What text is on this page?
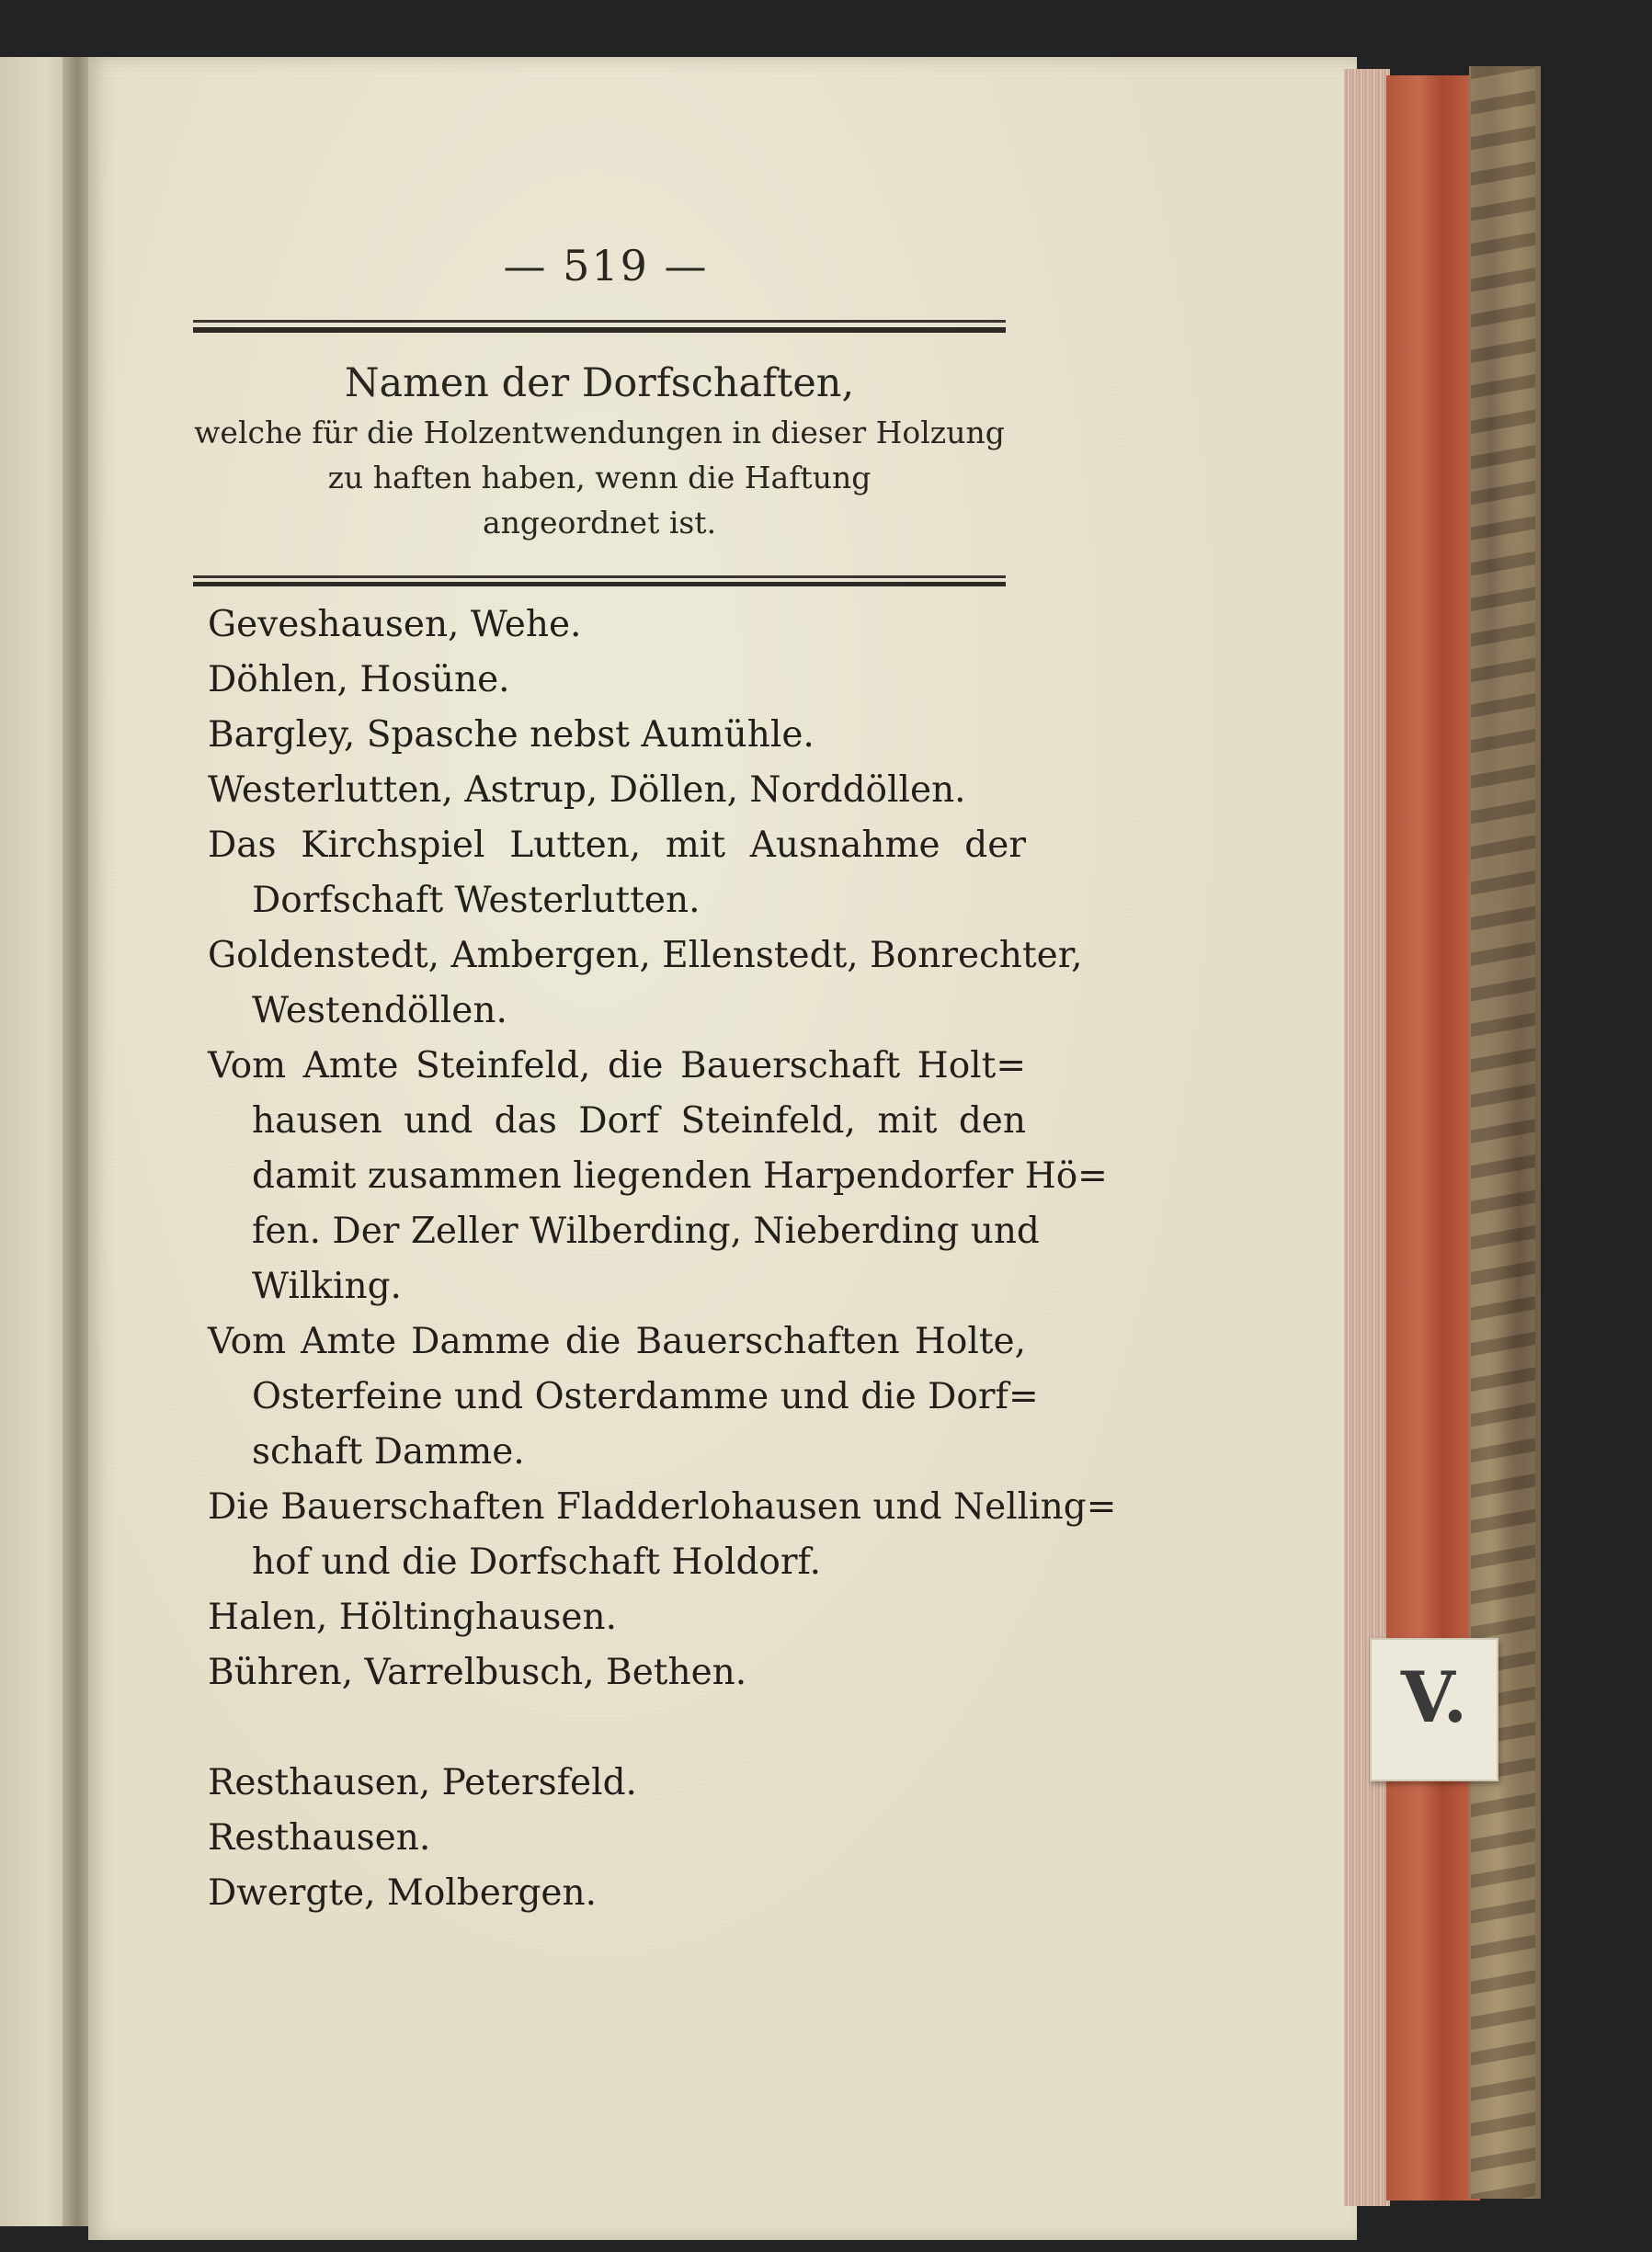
V.
— 519 —
Namen der Dorfschaften,
welche für die Holzentwendungen in dieser Holzung
zu haften haben, wenn die Haftung
angeordnet ist.
Geveshausen, Wehe.
Döhlen, Hosüne.
Bargley, Spasche nebst Aumühle.
Westerlutten, Astrup, Döllen, Norddöllen.
Das Kirchspiel Lutten, mit Ausnahme der
Dorfschaft Westerlutten.
Goldenstedt, Ambergen, Ellenstedt, Bonrechter,
Westendöllen.
Vom Amte Steinfeld, die Bauerschaft Holt=
hausen und das Dorf Steinfeld, mit den
damit zusammen liegenden Harpendorfer Hö=
fen. Der Zeller Wilberding, Nieberding und
Wilking.
Vom Amte Damme die Bauerschaften Holte,
Osterfeine und Osterdamme und die Dorf=
schaft Damme.
Die Bauerschaften Fladderlohausen und Nelling=
hof und die Dorfschaft Holdorf.
Halen, Höltinghausen.
Bühren, Varrelbusch, Bethen.
Resthausen, Petersfeld.
Resthausen.
Dwergte, Molbergen.
